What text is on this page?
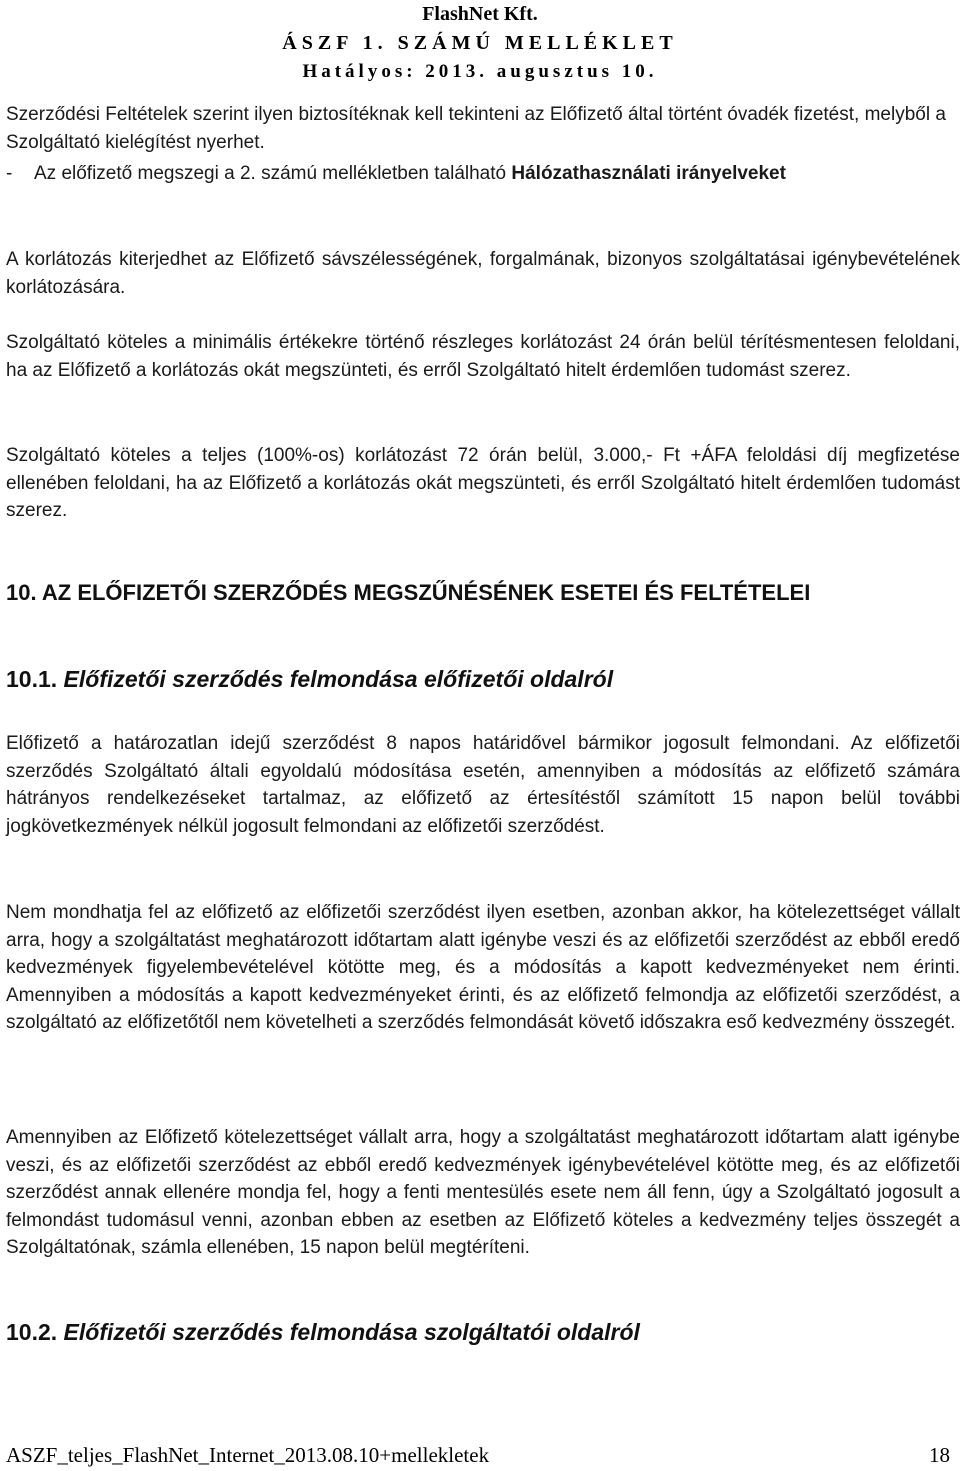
FlashNet Kft.
ÁSZF 1. SZÁMÚ MELLÉKLET
Hatályos: 2013. augusztus 10.

Szerződési Feltételek szerint ilyen biztosítéknak kell tekinteni az Előfizető által történt óvadék fizetést, melyből a Szolgáltató kielégítést nyerhet.

- Az előfizető megszegi a 2. számú mellékletben található Hálózathasználati irányelveket

A korlátozás kiterjedhet az Előfizető sávszélességének, forgalmának, bizonyos szolgáltatásai igénybevételének korlátozására.

Szolgáltató köteles a minimális értékekre történő részleges korlátozást 24 órán belül térítésmentesen feloldani, ha az Előfizető a korlátozás okát megszünteti, és erről Szolgáltató hitelt érdemlően tudomást szerez.

Szolgáltató köteles a teljes (100%-os) korlátozást 72 órán belül, 3.000,- Ft +ÁFA feloldási díj megfizetése ellenében feloldani, ha az Előfizető a korlátozás okát megszünteti, és erről Szolgáltató hitelt érdemlően tudomást szerez.

10. AZ ELŐFIZETŐI SZERZŐDÉS MEGSZŰNÉSÉNEK ESETEI ÉS FELTÉTELEI
10.1. Előfizetői szerződés felmondása előfizetői oldalról

Előfizető a határozatlan idejű szerződést 8 napos határidővel bármikor jogosult felmondani. Az előfizetői szerződés Szolgáltató általi egyoldalú módosítása esetén, amennyiben a módosítás az előfizető számára hátrányos rendelkezéseket tartalmaz, az előfizető az értesítéstől számított 15 napon belül további jogkövetkezmények nélkül jogosult felmondani az előfizetői szerződést.

Nem mondhatja fel az előfizető az előfizetői szerződést ilyen esetben, azonban akkor, ha kötelezettséget vállalt arra, hogy a szolgáltatást meghatározott időtartam alatt igénybe veszi és az előfizetői szerződést az ebből eredő kedvezmények figyelembevételével kötötte meg, és a módosítás a kapott kedvezményeket nem érinti. Amennyiben a módosítás a kapott kedvezményeket érinti, és az előfizető felmondja az előfizetői szerződést, a szolgáltató az előfizetőtől nem követelheti a szerződés felmondását követő időszakra eső kedvezmény összegét.

Amennyiben az Előfizető kötelezettséget vállalt arra, hogy a szolgáltatást meghatározott időtartam alatt igénybe veszi, és az előfizetői szerződést az ebből eredő kedvezmények igénybevételével kötötte meg, és az előfizetői szerződést annak ellenére mondja fel, hogy a fenti mentesülés esete nem áll fenn, úgy a Szolgáltató jogosult a felmondást tudomásul venni, azonban ebben az esetben az Előfizető köteles a kedvezmény teljes összegét a Szolgáltatónak, számla ellenében, 15 napon belül megtéríteni.

10.2. Előfizetői szerződés felmondása szolgáltatói oldalról
ASZF_teljes_FlashNet_Internet_2013.08.10+mellekletek	18
